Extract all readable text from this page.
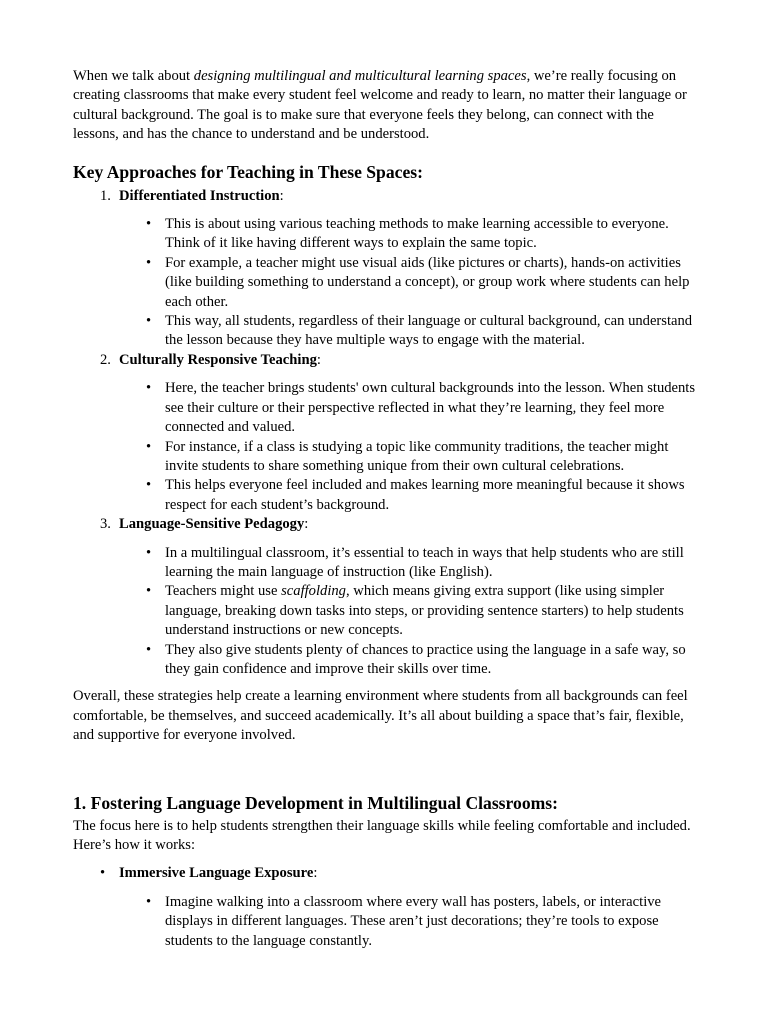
When we talk about designing multilingual and multicultural learning spaces, we’re really focusing on creating classrooms that make every student feel welcome and ready to learn, no matter their language or cultural background. The goal is to make sure that everyone feels they belong, can connect with the lessons, and has the chance to understand and be understood.

Key Approaches for Teaching in These Spaces:
1. Differentiated Instruction:
• This is about using various teaching methods to make learning accessible to everyone. Think of it like having different ways to explain the same topic.
• For example, a teacher might use visual aids (like pictures or charts), hands-on activities (like building something to understand a concept), or group work where students can help each other.
• This way, all students, regardless of their language or cultural background, can understand the lesson because they have multiple ways to engage with the material.
2. Culturally Responsive Teaching:
• Here, the teacher brings students' own cultural backgrounds into the lesson. When students see their culture or their perspective reflected in what they’re learning, they feel more connected and valued.
• For instance, if a class is studying a topic like community traditions, the teacher might invite students to share something unique from their own cultural celebrations.
• This helps everyone feel included and makes learning more meaningful because it shows respect for each student’s background.
3. Language-Sensitive Pedagogy:
• In a multilingual classroom, it’s essential to teach in ways that help students who are still learning the main language of instruction (like English).
• Teachers might use scaffolding, which means giving extra support (like using simpler language, breaking down tasks into steps, or providing sentence starters) to help students understand instructions or new concepts.
• They also give students plenty of chances to practice using the language in a safe way, so they gain confidence and improve their skills over time.

Overall, these strategies help create a learning environment where students from all backgrounds can feel comfortable, be themselves, and succeed academically. It’s all about building a space that’s fair, flexible, and supportive for everyone involved.

1. Fostering Language Development in Multilingual Classrooms:

The focus here is to help students strengthen their language skills while feeling comfortable and included. Here’s how it works:

• Immersive Language Exposure:
• Imagine walking into a classroom where every wall has posters, labels, or interactive displays in different languages. These aren’t just decorations; they’re tools to expose students to the language constantly.
